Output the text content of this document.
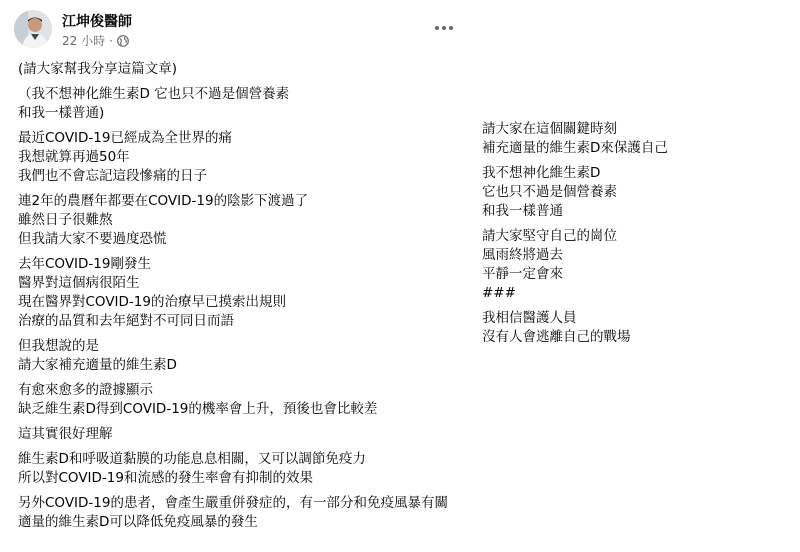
江坤俊醫師
22 小時 ·
(請大家幫我分享這篇文章)
（我不想神化維生素D 它也只不過是個營養素
和我一樣普通)
最近COVID-19已經成為全世界的痛
我想就算再過50年
我們也不會忘記這段慘痛的日子
連2年的農曆年都要在COVID-19的陰影下渡過了
雖然日子很難熬
但我請大家不要過度恐慌
去年COVID-19剛發生
醫界對這個病很陌生
現在醫界對COVID-19的治療早已摸索出規則
治療的品質和去年絕對不可同日而語
但我想說的是
請大家補充適量的維生素D
有愈來愈多的證據顯示
缺乏維生素D得到COVID-19的機率會上升，預後也會比較差
這其實很好理解
維生素D和呼吸道黏膜的功能息息相關，又可以調節免疫力
所以對COVID-19和流感的發生率會有抑制的效果
另外COVID-19的患者，會產生嚴重併發症的，有一部分和免疫風暴有關
適量的維生素D可以降低免疫風暴的發生
請大家在這個關鍵時刻
補充適量的維生素D來保護自己
我不想神化維生素D
它也只不過是個營養素
和我一樣普通
請大家堅守自己的崗位
風雨終將過去
平靜一定會來
###
我相信醫護人員
沒有人會逃離自己的戰場
